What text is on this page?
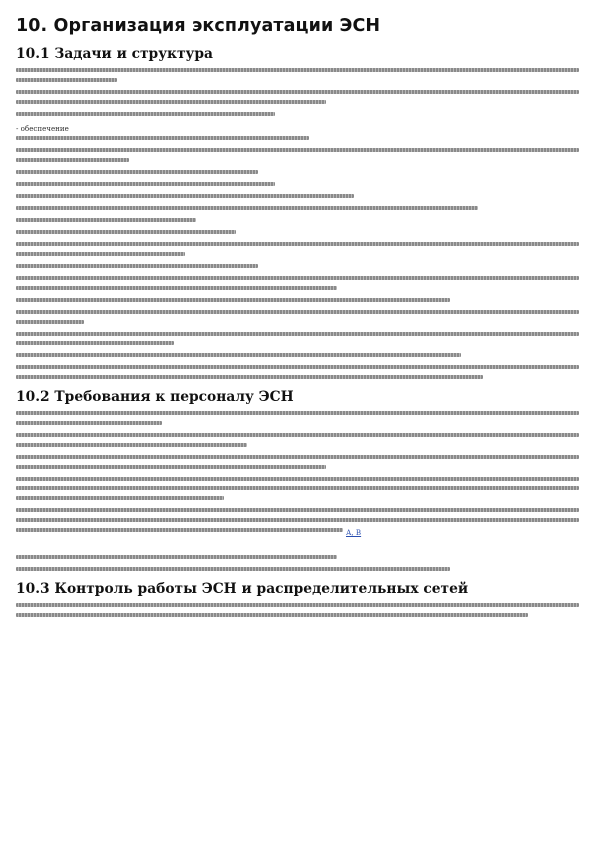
10. Организация эксплуатации ЭСН
10.1 Задачи и структура
- обеспечение
10.2 Требования к персоналу ЭСН
А, В
10.3 Контроль работы ЭСН и распределительных сетей
